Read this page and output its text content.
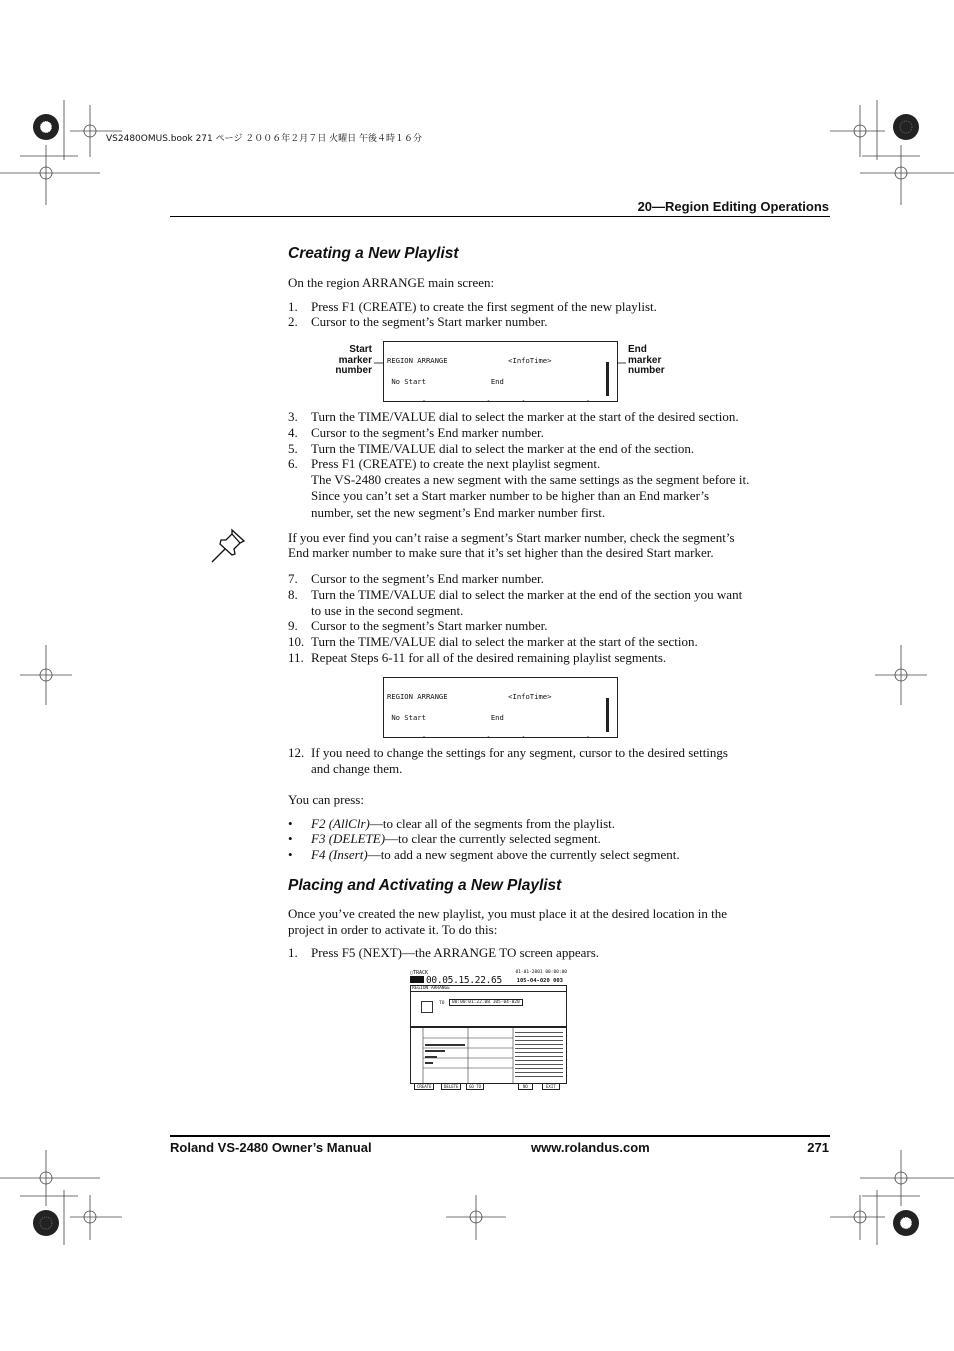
VS2480OMUS.book 271 ページ ２００６年２月７日 火曜日 午後４時１６分
20—Region Editing Operations
Creating a New Playlist
On the region ARRANGE main screen:
1.	Press F1 (CREATE) to create the first segment of the new playlist.
2.	Cursor to the segment’s Start marker number.
Start
marker
number
End
marker
number

REGION ARRANGE              <InfoTime>

No Start               End

3.	Turn the TIME/VALUE dial to select the marker at the start of the desired section.
4.	Cursor to the segment’s End marker number.
5.	Turn the TIME/VALUE dial to select the marker at the end of the section.
6.	Press F1 (CREATE) to create the next playlist segment.
The VS-2480 creates a new segment with the same settings as the segment before it.
Since you can’t set a Start marker number to be higher than an End marker’s
number, set the new segment’s End marker number first.
If you ever find you can’t raise a segment’s Start marker number, check the segment’s
End marker number to make sure that it’s set higher than the desired Start marker.
7.	Cursor to the segment’s End marker number.
8.	Turn the TIME/VALUE dial to select the marker at the end of the section you want
to use in the second segment.
9.	Cursor to the segment’s Start marker number.
10. Turn the TIME/VALUE dial to select the marker at the start of the section.
11. Repeat Steps 6-11 for all of the desired remaining playlist segments.

REGION ARRANGE              <InfoTime>

No Start               End

12. If you need to change the settings for any segment, cursor to the desired settings
and change them.
You can press:
• F2 (AllClr)—to clear all of the segments from the playlist.
• F3 (DELETE)—to clear the currently selected segment.
• F4 (Insert)—to add a new segment above the currently select segment.
Placing and Activating a New Playlist
Once you’ve created the new playlist, you must place it at the desired location in the
project in order to activate it. To do this:
1.	Press F5 (NEXT)—the ARRANGE TO screen appears.
▢TRACK
00.05.15.22.65
01-01-2001 00:00:00
105-04-020 003
REGION ARRANGE
TO	00:00:01:22.08 105-04-020
CREATE	DELETE	GO TO	NO	EXIT
Roland VS-2480 Owner’s Manual	www.rolandus.com	271
